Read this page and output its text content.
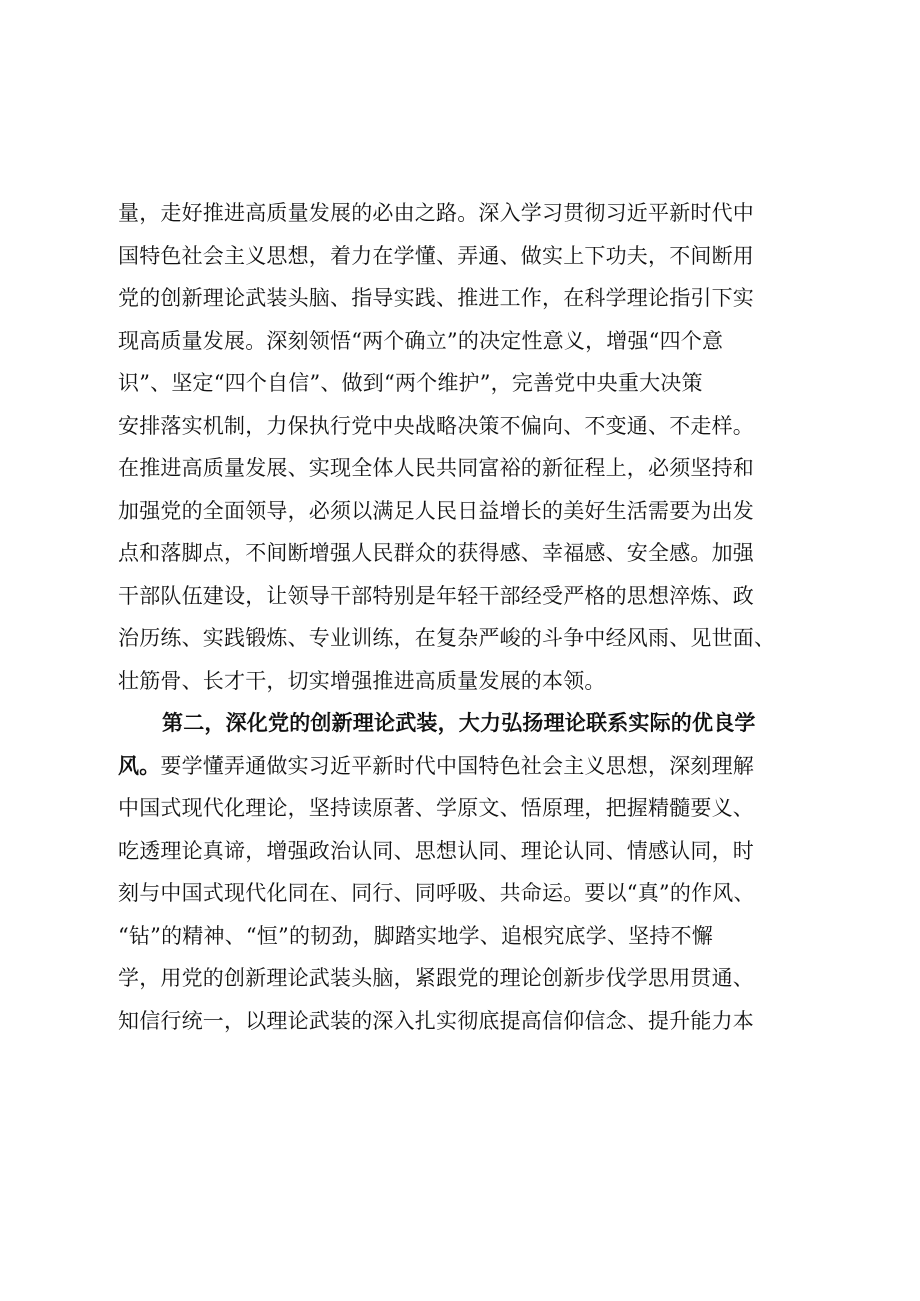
量，走好推进高质量发展的必由之路。深入学习贯彻习近平新时代中
国特色社会主义思想，着力在学懂、弄通、做实上下功夫，不间断用
党的创新理论武装头脑、指导实践、推进工作，在科学理论指引下实
现高质量发展。深刻领悟“两个确立”的决定性意义，增强“四个意
识”、坚定“四个自信”、做到“两个维护”，完善党中央重大决策
安排落实机制，力保执行党中央战略决策不偏向、不变通、不走样。
在推进高质量发展、实现全体人民共同富裕的新征程上，必须坚持和
加强党的全面领导，必须以满足人民日益增长的美好生活需要为出发
点和落脚点，不间断增强人民群众的获得感、幸福感、安全感。加强
干部队伍建设，让领导干部特别是年轻干部经受严格的思想淬炼、政
治历练、实践锻炼、专业训练，在复杂严峻的斗争中经风雨、见世面、
壮筋骨、长才干，切实增强推进高质量发展的本领。
第二，深化党的创新理论武装，大力弘扬理论联系实际的优良学
风。要学懂弄通做实习近平新时代中国特色社会主义思想，深刻理解
中国式现代化理论，坚持读原著、学原文、悟原理，把握精髓要义、
吃透理论真谛，增强政治认同、思想认同、理论认同、情感认同，时
刻与中国式现代化同在、同行、同呼吸、共命运。要以“真”的作风、
“钻”的精神、“恒”的韧劲，脚踏实地学、追根究底学、坚持不懈
学，用党的创新理论武装头脑，紧跟党的理论创新步伐学思用贯通、
知信行统一，以理论武装的深入扎实彻底提高信仰信念、提升能力本
